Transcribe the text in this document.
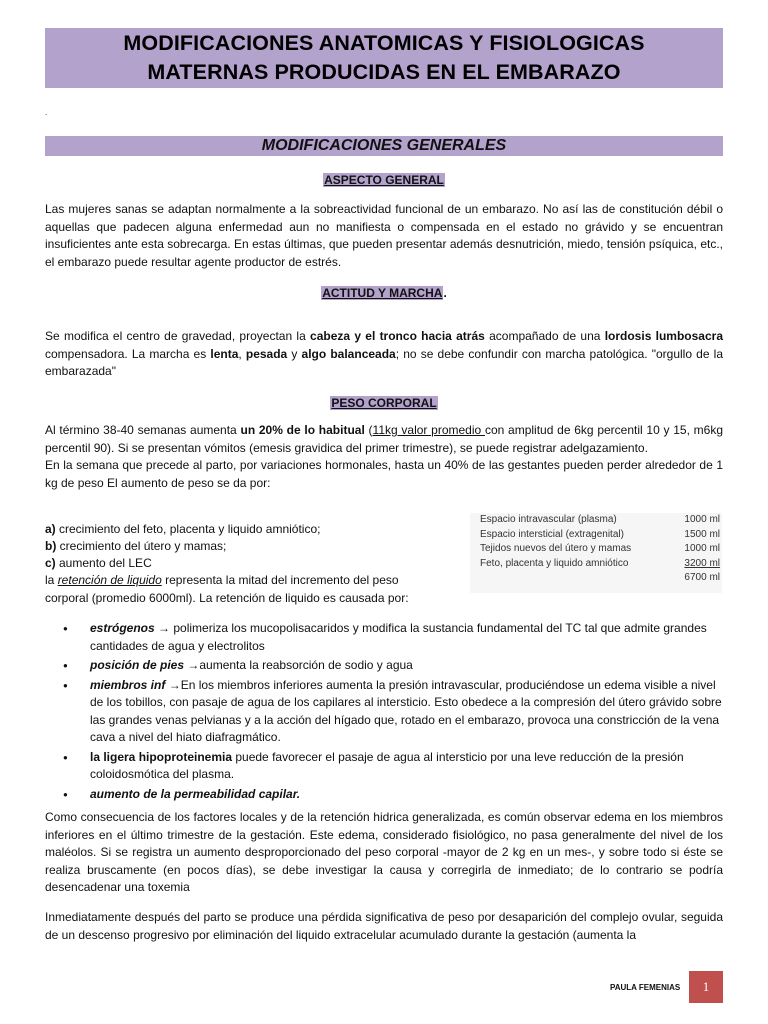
MODIFICACIONES ANATOMICAS Y FISIOLOGICAS
MATERNAS PRODUCIDAS EN EL EMBARAZO
.
MODIFICACIONES GENERALES
ASPECTO GENERAL

Las mujeres sanas se adaptan normalmente a la sobreactividad funcional de un embarazo. No así las de constitución débil o aquellas que padecen alguna enfermedad aun no manifiesta o compensada en el estado no grávido y se encuentran insuficientes ante esta sobrecarga. En estas últimas, que pueden presentar además desnutrición, miedo, tensión psíquica, etc., el embarazo puede resultar agente productor de estrés.

ACTITUD Y MARCHA.

Se modifica el centro de gravedad, proyectan la cabeza y el tronco hacia atrás acompañado de una lordosis lumbosacra compensadora. La marcha es lenta, pesada y algo balanceada; no se debe confundir con marcha patológica. "orgullo de la embarazada"

PESO CORPORAL

Al término 38-40 semanas aumenta un 20% de lo habitual (11kg valor promedio con amplitud de 6kg percentil 10 y 15, m6kg percentil 90). Si se presentan vómitos (emesis gravidica del primer trimestre), se puede registrar adelgazamiento.

En la semana que precede al parto, por variaciones hormonales, hasta un 40% de las gestantes pueden perder alrededor de 1 kg de peso El aumento de peso se da por:

a) crecimiento del feto, placenta y liquido amniótico;
b) crecimiento del útero y mamas;
c) aumento del LEC
la retención de liquido representa la mitad del incremento del peso
corporal (promedio 6000ml). La retención de liquido es causada por:
Espacio intravascular (plasma)	1000 ml
Espacio intersticial (extragenital)	1500 ml
Tejidos nuevos del útero y mamas	1000 ml
Feto, placenta y liquido amniótico	3200 ml
6700 ml
● estrógenos → polimeriza los mucopolisacaridos y modifica la sustancia fundamental del TC tal que admite grandes cantidades de agua y electrolitos
● posición de pies →aumenta la reabsorción de sodio y agua
● miembros inf →En los miembros inferiores aumenta la presión intravascular, produciéndose un edema visible a nivel de los tobillos, con pasaje de agua de los capilares al intersticio. Esto obedece a la compresión del útero grávido sobre las grandes venas pelvianas y a la acción del hígado que, rotado en el embarazo, provoca una constricción de la vena cava a nivel del hiato diafragmático.
● la ligera hipoproteinemia puede favorecer el pasaje de agua al intersticio por una leve reducción de la presión coloidosmótica del plasma.
● aumento de la permeabilidad capilar.

Como consecuencia de los factores locales y de la retención hidrica generalizada, es común observar edema en los miembros inferiores en el último trimestre de la gestación. Este edema, considerado fisiológico, no pasa generalmente del nivel de los maléolos. Si se registra un aumento desproporcionado del peso corporal -mayor de 2 kg en un mes-, y sobre todo si éste se realiza bruscamente (en pocos días), se debe investigar la causa y corregirla de inmediato; de lo contrario se podría desencadenar una toxemia

Inmediatamente después del parto se produce una pérdida significativa de peso por desaparición del complejo ovular, seguida de un descenso progresivo por eliminación del liquido extracelular acumulado durante la gestación (aumenta la

PAULA FEMENIAS	1
